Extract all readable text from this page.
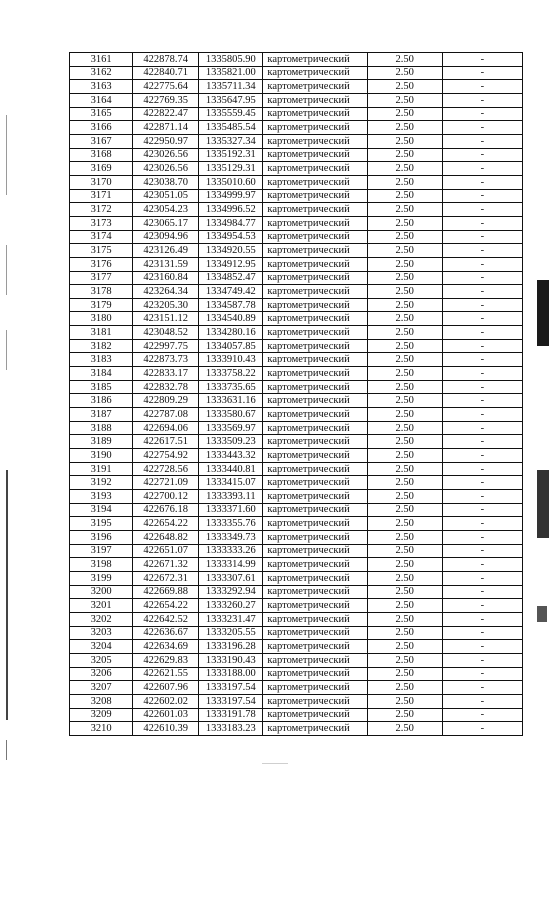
3161	422878.74	1335805.90	картометрический	2.50	-
3162	422840.71	1335821.00	картометрический	2.50	-
3163	422775.64	1335711.34	картометрический	2.50	-
3164	422769.35	1335647.95	картометрический	2.50	-
3165	422822.47	1335559.45	картометрический	2.50	-
3166	422871.14	1335485.54	картометрический	2.50	-
3167	422950.97	1335327.34	картометрический	2.50	-
3168	423026.56	1335192.31	картометрический	2.50	-
3169	423026.56	1335129.31	картометрический	2.50	-
3170	423038.70	1335010.60	картометрический	2.50	-
3171	423051.05	1334999.97	картометрический	2.50	-
3172	423054.23	1334996.52	картометрический	2.50	-
3173	423065.17	1334984.77	картометрический	2.50	-
3174	423094.96	1334954.53	картометрический	2.50	-
3175	423126.49	1334920.55	картометрический	2.50	-
3176	423131.59	1334912.95	картометрический	2.50	-
3177	423160.84	1334852.47	картометрический	2.50	-
3178	423264.34	1334749.42	картометрический	2.50	-
3179	423205.30	1334587.78	картометрический	2.50	-
3180	423151.12	1334540.89	картометрический	2.50	-
3181	423048.52	1334280.16	картометрический	2.50	-
3182	422997.75	1334057.85	картометрический	2.50	-
3183	422873.73	1333910.43	картометрический	2.50	-
3184	422833.17	1333758.22	картометрический	2.50	-
3185	422832.78	1333735.65	картометрический	2.50	-
3186	422809.29	1333631.16	картометрический	2.50	-
3187	422787.08	1333580.67	картометрический	2.50	-
3188	422694.06	1333569.97	картометрический	2.50	-
3189	422617.51	1333509.23	картометрический	2.50	-
3190	422754.92	1333443.32	картометрический	2.50	-
3191	422728.56	1333440.81	картометрический	2.50	-
3192	422721.09	1333415.07	картометрический	2.50	-
3193	422700.12	1333393.11	картометрический	2.50	-
3194	422676.18	1333371.60	картометрический	2.50	-
3195	422654.22	1333355.76	картометрический	2.50	-
3196	422648.82	1333349.73	картометрический	2.50	-
3197	422651.07	1333333.26	картометрический	2.50	-
3198	422671.32	1333314.99	картометрический	2.50	-
3199	422672.31	1333307.61	картометрический	2.50	-
3200	422669.88	1333292.94	картометрический	2.50	-
3201	422654.22	1333260.27	картометрический	2.50	-
3202	422642.52	1333231.47	картометрический	2.50	-
3203	422636.67	1333205.55	картометрический	2.50	-
3204	422634.69	1333196.28	картометрический	2.50	-
3205	422629.83	1333190.43	картометрический	2.50	-
3206	422621.55	1333188.00	картометрический	2.50	-
3207	422607.96	1333197.54	картометрический	2.50	-
3208	422602.02	1333197.54	картометрический	2.50	-
3209	422601.03	1333191.78	картометрический	2.50	-
3210	422610.39	1333183.23	картометрический	2.50	-
